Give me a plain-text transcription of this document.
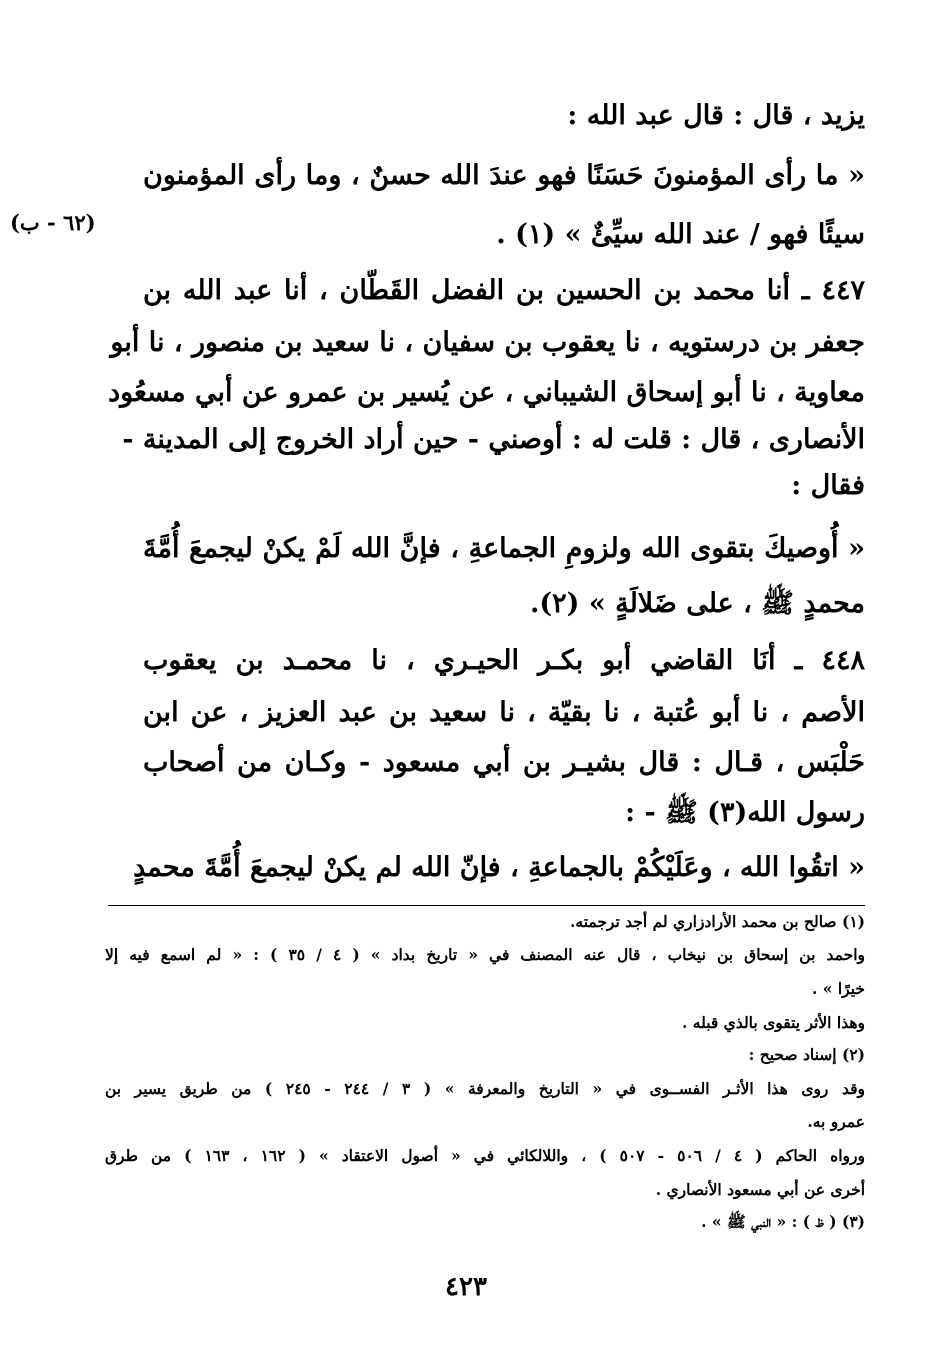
يزيد ، قال : قال عبد الله :
« ما رأى المؤمنونَ حَسَنًا فهو عندَ الله حسنٌ ، وما رأى المؤمنون
سيئًا فهو / عند الله سيِّئٌ » (١) .
(٦٢ - ب)
٤٤٧ ـ أنا محمد بن الحسين بن الفضل القَطّان ، أنا عبد الله بن
جعفر بن درستويه ، نا يعقوب بن سفيان ، نا سعيد بن منصور ، نا أبو
معاوية ، نا أبو إسحاق الشيباني ، عن يُسير بن عمرو عن أبي مسعُود
الأنصارى ، قال : قلت له : أوصني - حين أراد الخروج إلى المدينة -
فقال :
« أُوصيكَ بتقوى الله ولزومِ الجماعةِ ، فإنَّ الله لَمْ يكنْ ليجمعَ أُمَّةَ
محمدٍ ﷺ ، على ضَلالَةٍ » (٢).
٤٤٨ ـ أنَا القاضي أبو بكـر الحيـري ، نا محمـد بن يعقوب
الأصم ، نا أبو عُتبة ، نا بقيّة ، نا سعيد بن عبد العزيز ، عن ابن
حَلْبَس ، قـال : قال بشيـر بن أبي مسعود - وكـان من أصحاب
رسول الله(٣) ﷺ - :
« اتقُوا الله ، وعَلَيْكُمْ بالجماعةِ ، فإنّ الله لم يكنْ ليجمعَ أُمَّةَ محمدٍ
(١) صالح بن محمد الأرادزاري لم أجد ترجمته.
واحمد بن إسحاق بن نيخاب ، قال عنه المصنف في « تاريخ بداد » ( ٤ / ٣٥ ) : « لم اسمع فيه إلا
خيرًا » .
وهذا الأثر يتقوى بالذي قبله .
(٢) إسناد صحيح :
وقد روى هذا الأثـر الفســوى في « التاريخ والمعرفة » ( ٣ / ٢٤٤ - ٢٤٥ ) من طريق يسير بن
عمرو به.
ورواه الحاكم ( ٤ / ٥٠٦ - ٥٠٧ ) ، واللالكائي في « أصول الاعتقاد » ( ١٦٢ ، ١٦٣ ) من طرق
أخرى عن أبي مسعود الأنصاري .
(٣) ( ظ ) : « النبي ﷺ » .
٤٢٣
